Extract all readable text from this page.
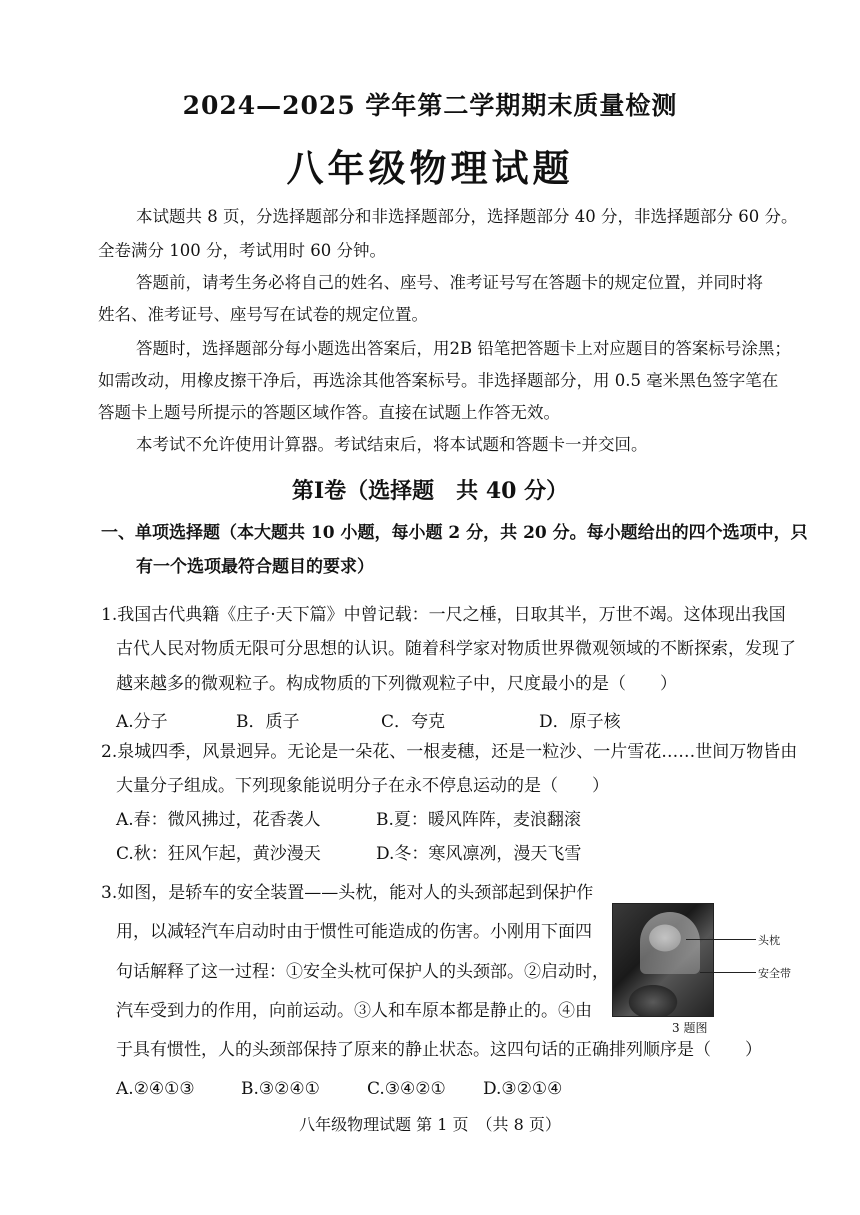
2024—2025 学年第二学期期末质量检测
八年级物理试题
本试题共 8 页，分选择题部分和非选择题部分，选择题部分 40 分，非选择题部分 60 分。
全卷满分 100 分，考试用时 60 分钟。
答题前，请考生务必将自己的姓名、座号、准考证号写在答题卡的规定位置，并同时将
姓名、准考证号、座号写在试卷的规定位置。
答题时，选择题部分每小题选出答案后，用2B 铅笔把答题卡上对应题目的答案标号涂黑；
如需改动，用橡皮擦干净后，再选涂其他答案标号。非选择题部分，用 0.5 毫米黑色签字笔在
答题卡上题号所提示的答题区域作答。直接在试题上作答无效。
本考试不允许使用计算器。考试结束后，将本试题和答题卡一并交回。
第Ⅰ卷（选择题　共 40 分）
一、单项选择题（本大题共 10 小题，每小题 2 分，共 20 分。每小题给出的四个选项中，只
有一个选项最符合题目的要求）
1.我国古代典籍《庄子·天下篇》中曾记载：一尺之棰，日取其半，万世不竭。这体现出我国
古代人民对物质无限可分思想的认识。随着科学家对物质世界微观领域的不断探索，发现了
越来越多的微观粒子。构成物质的下列微观粒子中，尺度最小的是（　　）
A.分子	B．质子	C．夸克	D．原子核
2.泉城四季，风景迥异。无论是一朵花、一根麦穗，还是一粒沙、一片雪花……世间万物皆由
大量分子组成。下列现象能说明分子在永不停息运动的是（　　）
A.春：微风拂过，花香袭人	B.夏：暖风阵阵，麦浪翻滚
C.秋：狂风乍起，黄沙漫天	D.冬：寒风凛冽，漫天飞雪
3.如图，是轿车的安全装置——头枕，能对人的头颈部起到保护作
用，以减轻汽车启动时由于惯性可能造成的伤害。小刚用下面四
句话解释了这一过程：①安全头枕可保护人的头颈部。②启动时，
汽车受到力的作用，向前运动。③人和车原本都是静止的。④由
于具有惯性，人的头颈部保持了原来的静止状态。这四句话的正确排列顺序是（　　）
A.②④①③	B.③②④①	C.③④②① D.③②①④
头枕
安全带
3 题图
八年级物理试题 第 1 页　（共 8 页）
